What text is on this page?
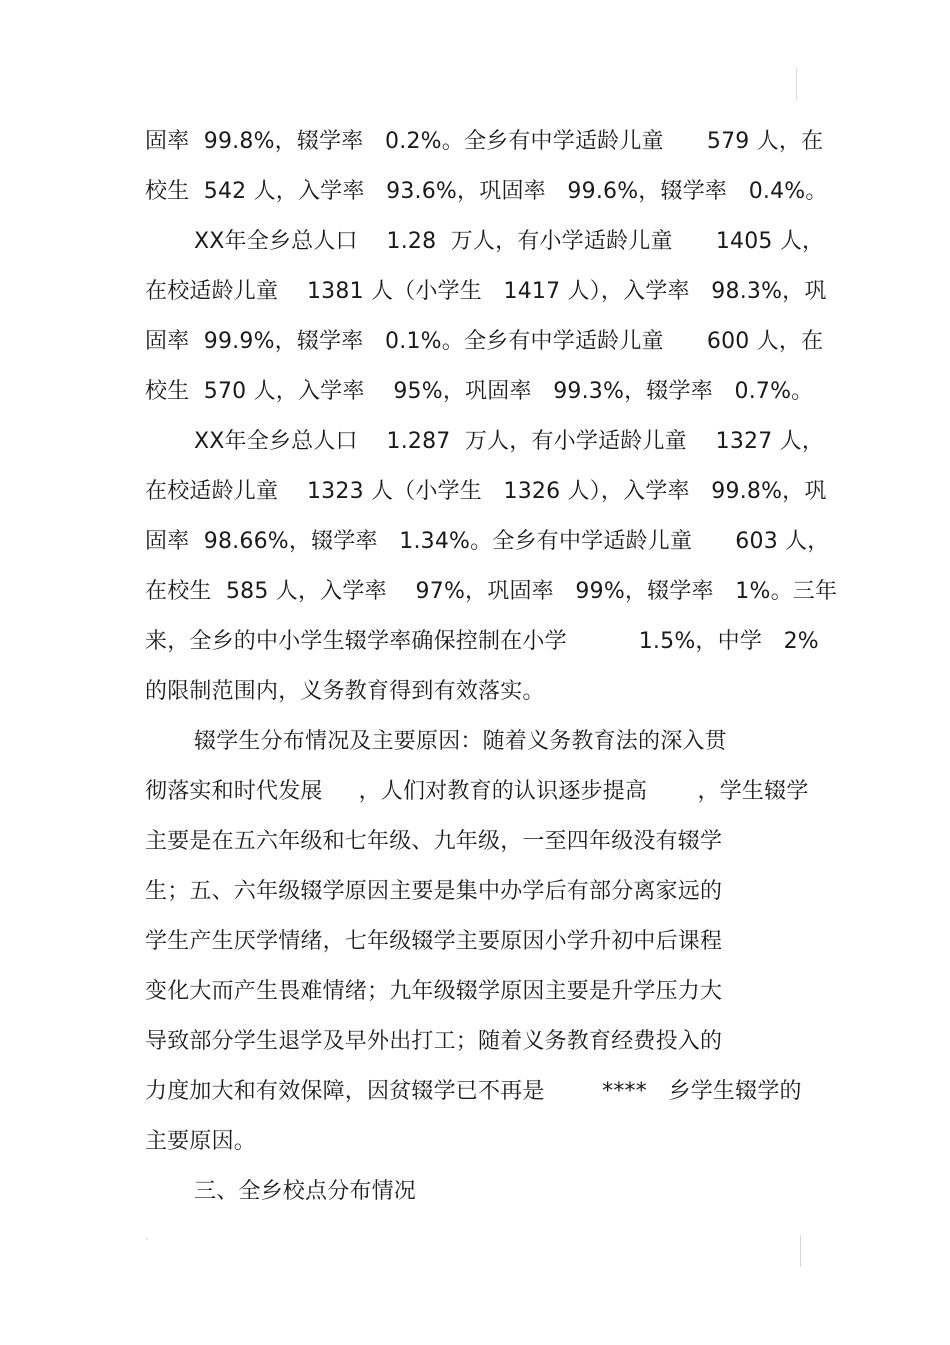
固率  99.8%，辍学率   0.2%。全乡有中学适龄儿童      579 人，在
校生  542 人，入学率   93.6%，巩固率   99.6%，辍学率   0.4%。
XX年全乡总人口    1.28  万人，有小学适龄儿童      1405 人，
在校适龄儿童    1381 人（小学生   1417 人），入学率   98.3%，巩
固率  99.9%，辍学率   0.1%。全乡有中学适龄儿童      600 人，在
校生  570 人，入学率    95%，巩固率   99.3%，辍学率   0.7%。
XX年全乡总人口    1.287  万人，有小学适龄儿童    1327 人，
在校适龄儿童    1323 人（小学生   1326 人），入学率   99.8%，巩
固率  98.66%，辍学率   1.34%。全乡有中学适龄儿童      603 人，
在校生  585 人，入学率    97%，巩固率   99%，辍学率   1%。三年
来，全乡的中小学生辍学率确保控制在小学          1.5%，中学   2%
的限制范围内，义务教育得到有效落实。
辍学生分布情况及主要原因：随着义务教育法的深入贯
彻落实和时代发展     ，人们对教育的认识逐步提高       ，学生辍学
主要是在五六年级和七年级、九年级，一至四年级没有辍学
生；五、六年级辍学原因主要是集中办学后有部分离家远的
学生产生厌学情绪，七年级辍学主要原因小学升初中后课程
变化大而产生畏难情绪；九年级辍学原因主要是升学压力大
导致部分学生退学及早外出打工；随着义务教育经费投入的
力度加大和有效保障，因贫辍学已不再是        ****   乡学生辍学的
主要原因。
三、全乡校点分布情况
